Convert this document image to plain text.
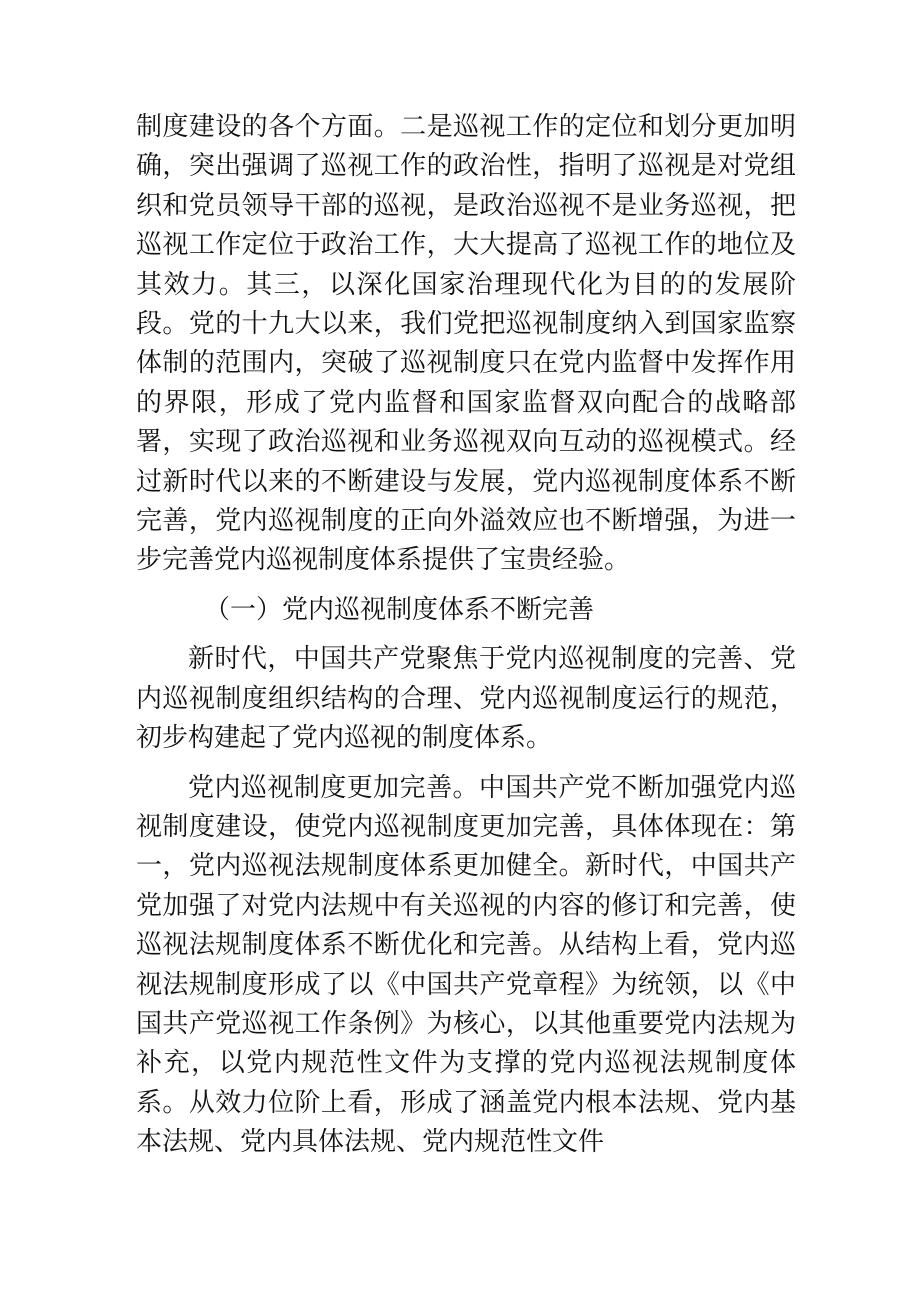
制度建设的各个方面。二是巡视工作的定位和划分更加明确，突出强调了巡视工作的政治性，指明了巡视是对党组织和党员领导干部的巡视，是政治巡视不是业务巡视，把巡视工作定位于政治工作，大大提高了巡视工作的地位及其效力。其三，以深化国家治理现代化为目的的发展阶段。党的十九大以来，我们党把巡视制度纳入到国家监察体制的范围内，突破了巡视制度只在党内监督中发挥作用的界限，形成了党内监督和国家监督双向配合的战略部署，实现了政治巡视和业务巡视双向互动的巡视模式。经过新时代以来的不断建设与发展，党内巡视制度体系不断完善，党内巡视制度的正向外溢效应也不断增强，为进一步完善党内巡视制度体系提供了宝贵经验。

（一）党内巡视制度体系不断完善

新时代，中国共产党聚焦于党内巡视制度的完善、党内巡视制度组织结构的合理、党内巡视制度运行的规范，初步构建起了党内巡视的制度体系。

党内巡视制度更加完善。中国共产党不断加强党内巡视制度建设，使党内巡视制度更加完善，具体体现在：第一，党内巡视法规制度体系更加健全。新时代，中国共产党加强了对党内法规中有关巡视的内容的修订和完善，使巡视法规制度体系不断优化和完善。从结构上看，党内巡视法规制度形成了以《中国共产党章程》为统领，以《中国共产党巡视工作条例》为核心，以其他重要党内法规为补充，以党内规范性文件为支撑的党内巡视法规制度体系。从效力位阶上看，形成了涵盖党内根本法规、党内基本法规、党内具体法规、党内规范性文件
